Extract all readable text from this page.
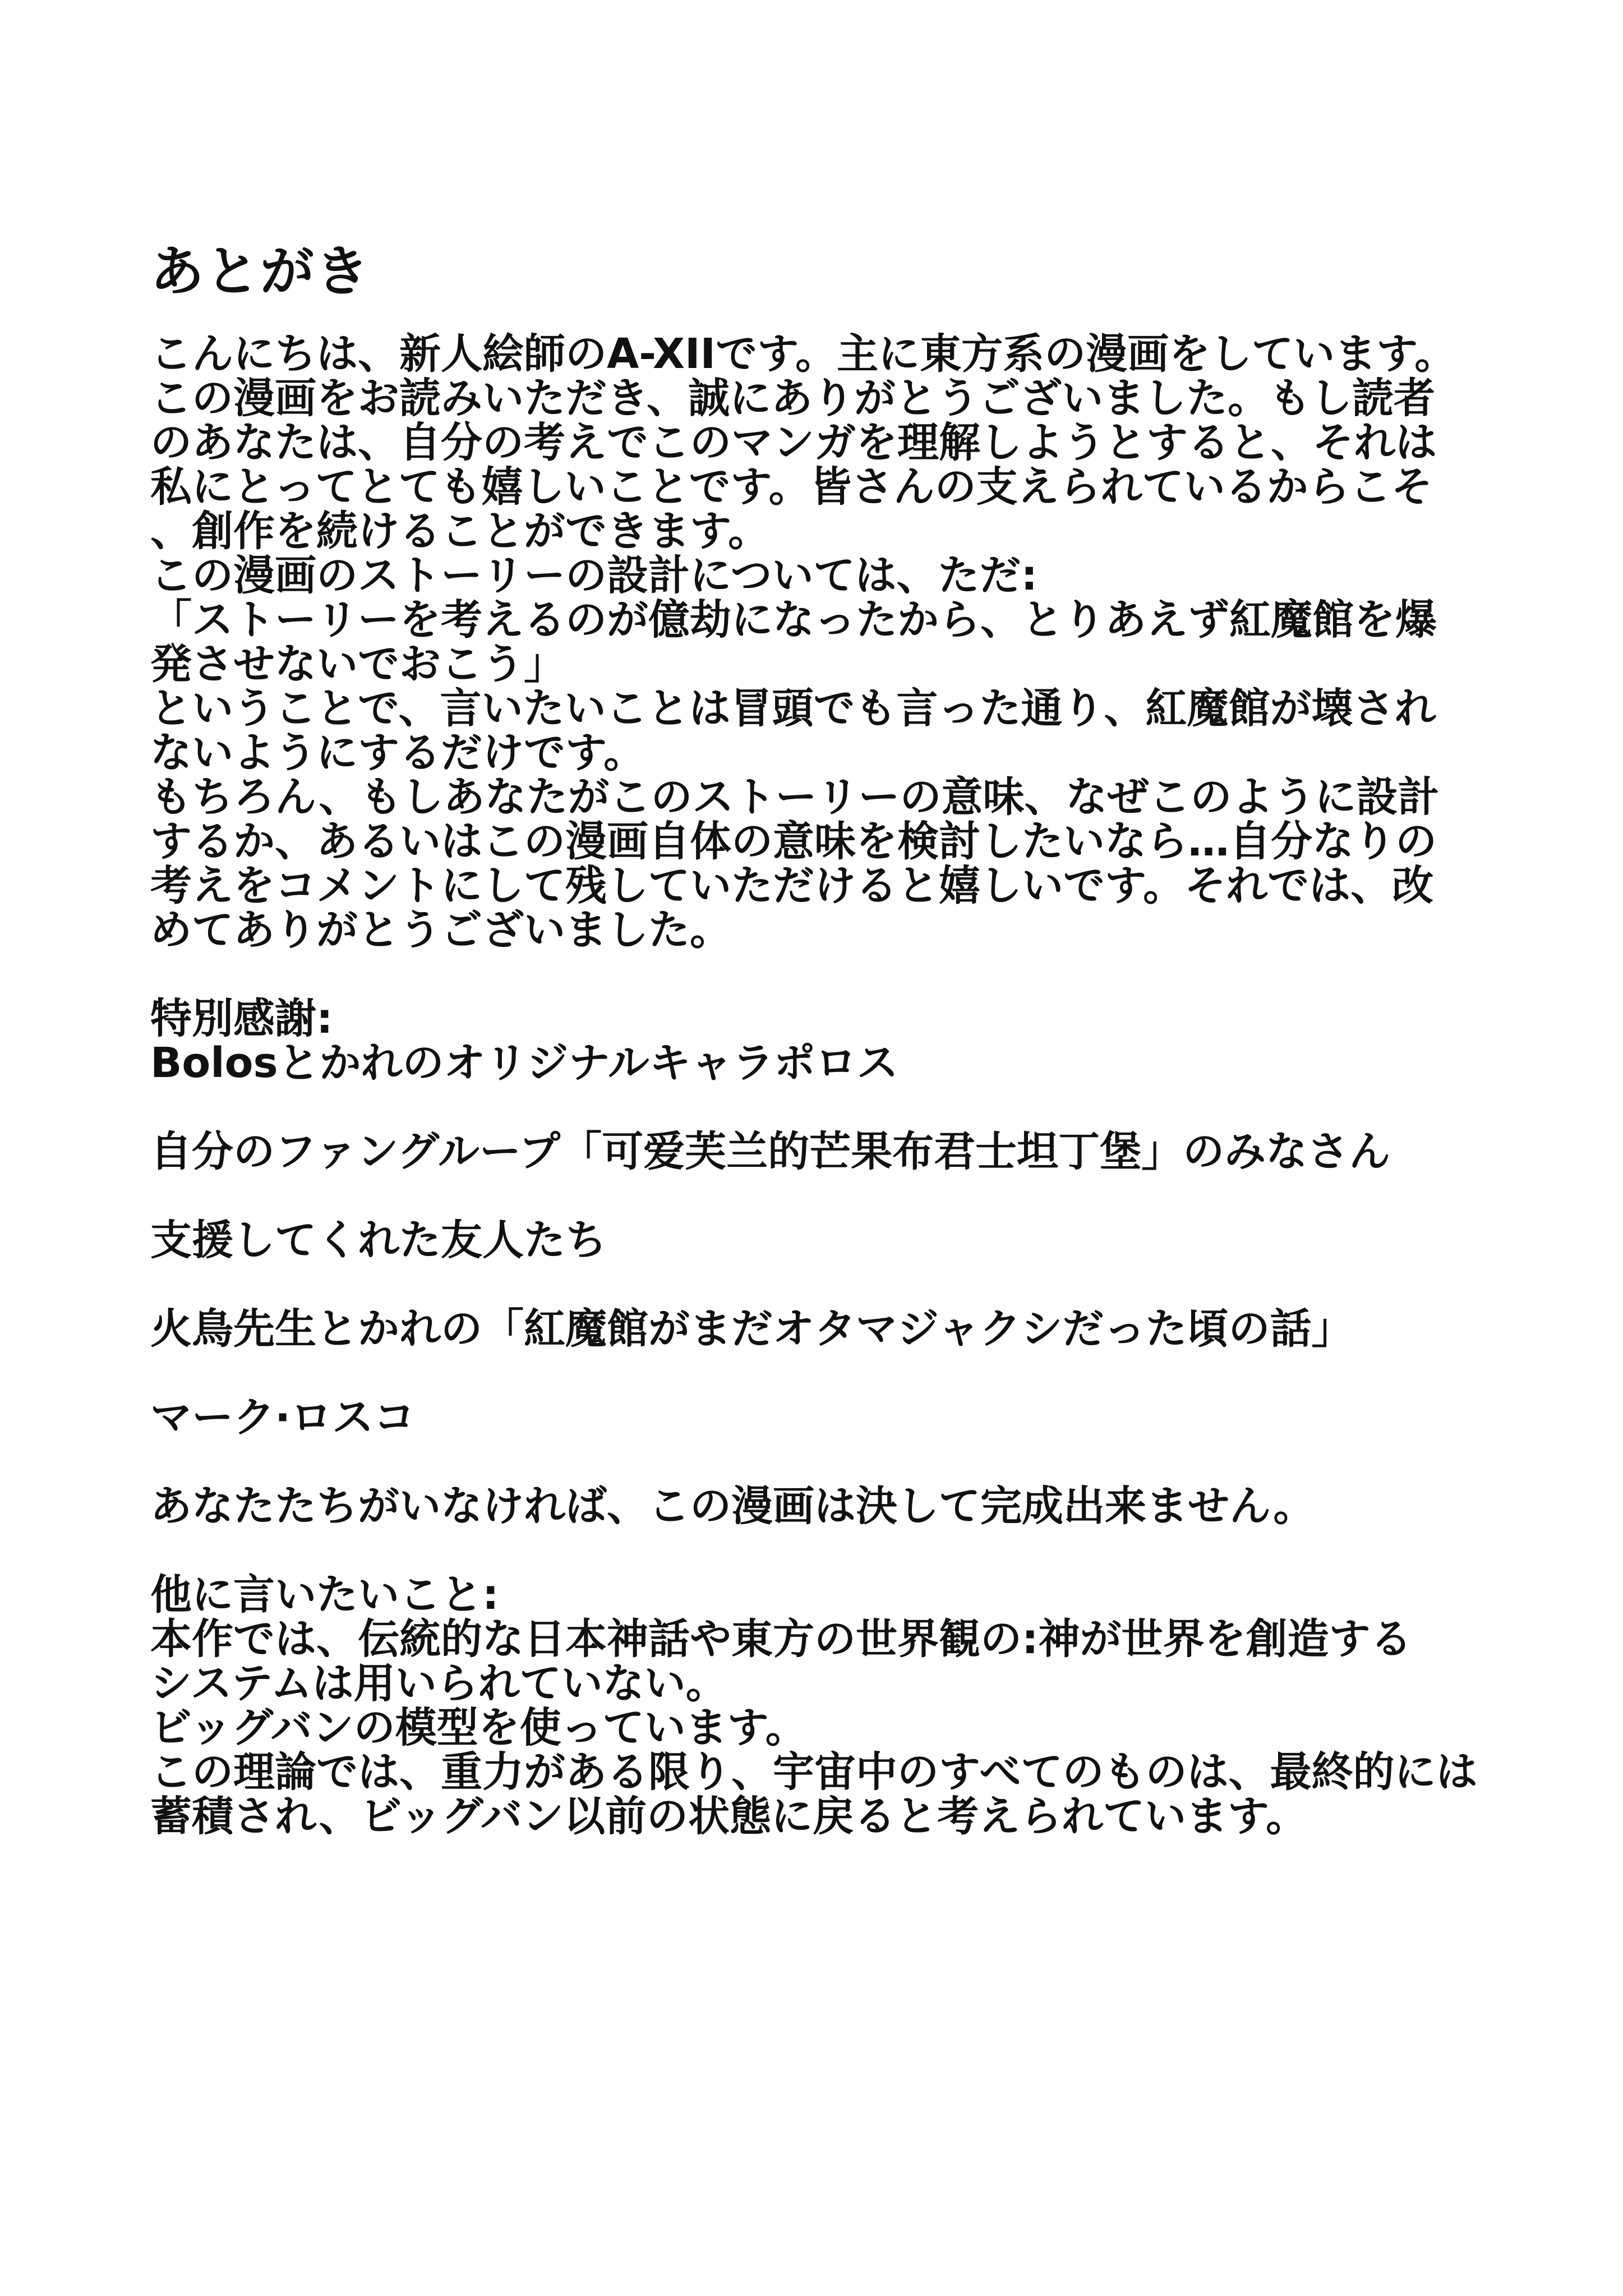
あとがき
こんにちは、新人絵師のA-XIIです。主に東方系の漫画をしています。
この漫画をお読みいただき、誠にありがとうございました。もし読者
のあなたは、自分の考えでこのマンガを理解しようとすると、それは
私にとってとても嬉しいことです。皆さんの支えられているからこそ
、創作を続けることができます。
この漫画のストーリーの設計については、ただ:
「ストーリーを考えるのが億劫になったから、とりあえず紅魔館を爆
発させないでおこう」
ということで、言いたいことは冒頭でも言った通り、紅魔館が壊され
ないようにするだけです。
もちろん、もしあなたがこのストーリーの意味、なぜこのように設計
するか、あるいはこの漫画自体の意味を検討したいなら…自分なりの
考えをコメントにして残していただけると嬉しいです。それでは、改
めてありがとうございました。
特別感謝:
Bolosとかれのオリジナルキャラポロス
自分のファングループ「可爱芙兰的芒果布君士坦丁堡」のみなさん
支援してくれた友人たち
火鳥先生とかれの「紅魔館がまだオタマジャクシだった頃の話」
マーク·ロスコ
あなたたちがいなければ、この漫画は決して完成出来ません。
他に言いたいこと:
本作では、伝統的な日本神話や東方の世界観の:神が世界を創造する
システムは用いられていない。
ビッグバンの模型を使っています。
この理論では、重力がある限り、宇宙中のすべてのものは、最終的には
蓄積され、ビッグバン以前の状態に戻ると考えられています。
